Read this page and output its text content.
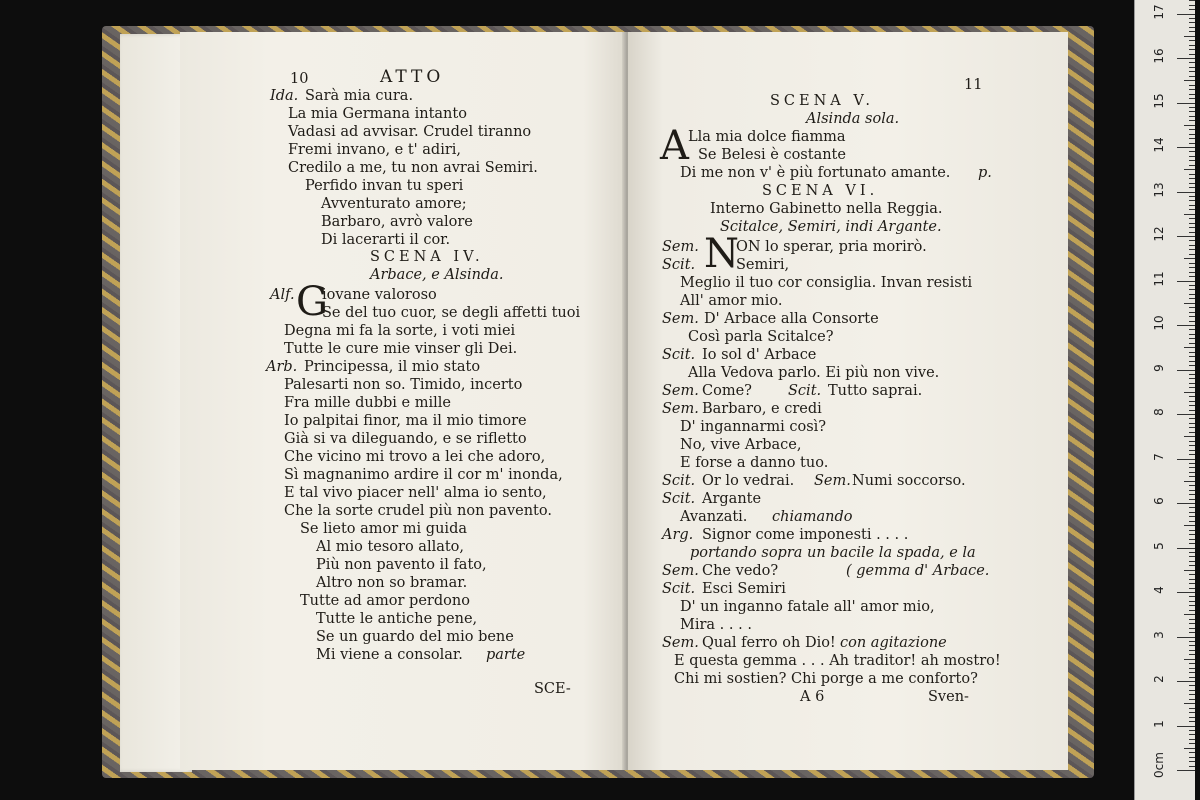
10	ATTO
Ida. Sarà mia cura.
La mia Germana intanto
Vadasi ad avvisar. Crudel tiranno
Fremi invano, e t' adiri,
Credilo a me, tu non avrai Semiri.
Perfido invan tu speri
Avventurato amore;
Barbaro, avrò valore
Di lacerarti il cor.
SCENA IV.
Arbace, e Alsinda.
Alf. G
iovane valoroso
Se del tuo cuor, se degli affetti tuoi
Degna mi fa la sorte, i voti miei
Tutte le cure mie vinser gli Dei.
Arb. Principessa, il mio stato
Palesarti non so. Timido, incerto
Fra mille dubbi e mille
Io palpitai finor, ma il mio timore
Già si va dileguando, e se rifletto
Che vicino mi trovo a lei che adoro,
Sì magnanimo ardire il cor m' inonda,
E tal vivo piacer nell' alma io sento,
Che la sorte crudel più non pavento.
Se lieto amor mi guida
Al mio tesoro allato,
Più non pavento il fato,
Altro non so bramar.
Tutte ad amor perdono
Tutte le antiche pene,
Se un guardo del mio bene
Mi viene a consolar. parte
SCE-
11
SCENA V.
Alsinda sola.
A Lla mia dolce fiamma
Se Belesi è costante
Di me non v' è più fortunato amante. p.
SCENA VI.
Interno Gabinetto nella Reggia.
Scitalce, Semiri, indi Argante.
Sem. N
ON lo sperar, pria morirò.
Scit.	Semiri,
Meglio il tuo cor consiglia. Invan resisti
All' amor mio.
Sem. D' Arbace alla Consorte
Così parla Scitalce?
Scit. Io sol d' Arbace
Alla Vedova parlo. Ei più non vive.
Sem. Come? Scit. Tutto saprai.
Sem. Barbaro, e credi
D' ingannarmi così?
No, vive Arbace,
E forse a danno tuo.
Scit. Or lo vedrai. Sem. Numi soccorso.
Scit. Argante
Avanzati. chiamando
Arg. Signor come imponesti . . . .
portando sopra un bacile la spada, e la
Sem. Che vedo?	( gemma d' Arbace.
Scit. Esci Semiri
D' un inganno fatale all' amor mio,
Mira . . . .
Sem. Qual ferro oh Dio! con agitazione
E questa gemma . . . Ah traditor! ah mostro!
Chi mi sostien? Chi porge a me conforto?
A 6	Sven-
0cm
1
2
3
4
5
6
7
8
9
10
11
12
13
14
15
16
17
